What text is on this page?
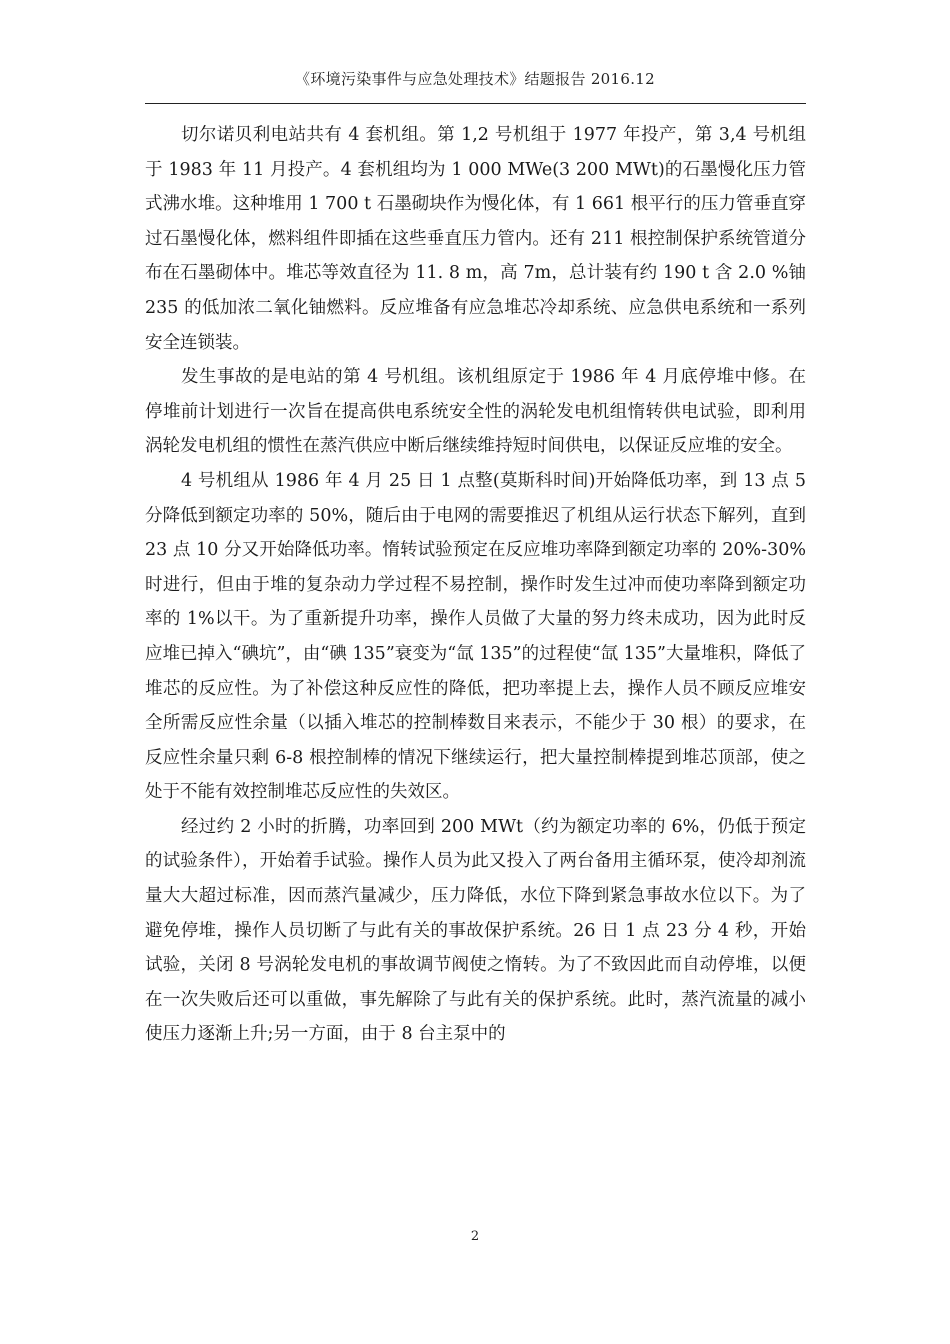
《环境污染事件与应急处理技术》结题报告 2016.12

切尔诺贝利电站共有 4 套机组。第 1,2 号机组于 1977 年投产，第 3,4 号机组于 1983 年 11 月投产。4 套机组均为 1 000 MWe(3 200 MWt)的石墨慢化压力管式沸水堆。这种堆用 1 700 t 石墨砌块作为慢化体，有 1 661 根平行的压力管垂直穿过石墨慢化体，燃料组件即插在这些垂直压力管内。还有 211 根控制保护系统管道分布在石墨砌体中。堆芯等效直径为 11. 8 m，高 7m，总计装有约 190 t 含 2.0 %铀 235 的低加浓二氧化铀燃料。反应堆备有应急堆芯冷却系统、应急供电系统和一系列安全连锁装。

发生事故的是电站的第 4 号机组。该机组原定于 1986 年 4 月底停堆中修。在停堆前计划进行一次旨在提高供电系统安全性的涡轮发电机组惰转供电试验，即利用涡轮发电机组的惯性在蒸汽供应中断后继续维持短时间供电，以保证反应堆的安全。

4 号机组从 1986 年 4 月 25 日 1 点整(莫斯科时间)开始降低功率，到 13 点 5 分降低到额定功率的 50%，随后由于电网的需要推迟了机组从运行状态下解列，直到 23 点 10 分又开始降低功率。惰转试验预定在反应堆功率降到额定功率的 20%-30%时进行，但由于堆的复杂动力学过程不易控制，操作时发生过冲而使功率降到额定功率的 1%以干。为了重新提升功率，操作人员做了大量的努力终未成功，因为此时反应堆已掉入“碘坑”，由“碘 135”衰变为“氙 135”的过程使“氙 135”大量堆积，降低了堆芯的反应性。为了补偿这种反应性的降低，把功率提上去，操作人员不顾反应堆安全所需反应性余量（以插入堆芯的控制棒数目来表示，不能少于 30 根）的要求，在反应性余量只剩 6-8 根控制棒的情况下继续运行，把大量控制棒提到堆芯顶部，使之处于不能有效控制堆芯反应性的失效区。

经过约 2 小时的折腾，功率回到 200 MWt（约为额定功率的 6%，仍低于预定的试验条件），开始着手试验。操作人员为此又投入了两台备用主循环泵，使冷却剂流量大大超过标准，因而蒸汽量减少，压力降低，水位下降到紧急事故水位以下。为了避免停堆，操作人员切断了与此有关的事故保护系统。26 日 1 点 23 分 4 秒，开始试验，关闭 8 号涡轮发电机的事故调节阀使之惰转。为了不致因此而自动停堆，以便在一次失败后还可以重做，事先解除了与此有关的保护系统。此时，蒸汽流量的减小使压力逐渐上升;另一方面，由于 8 台主泵中的

2
